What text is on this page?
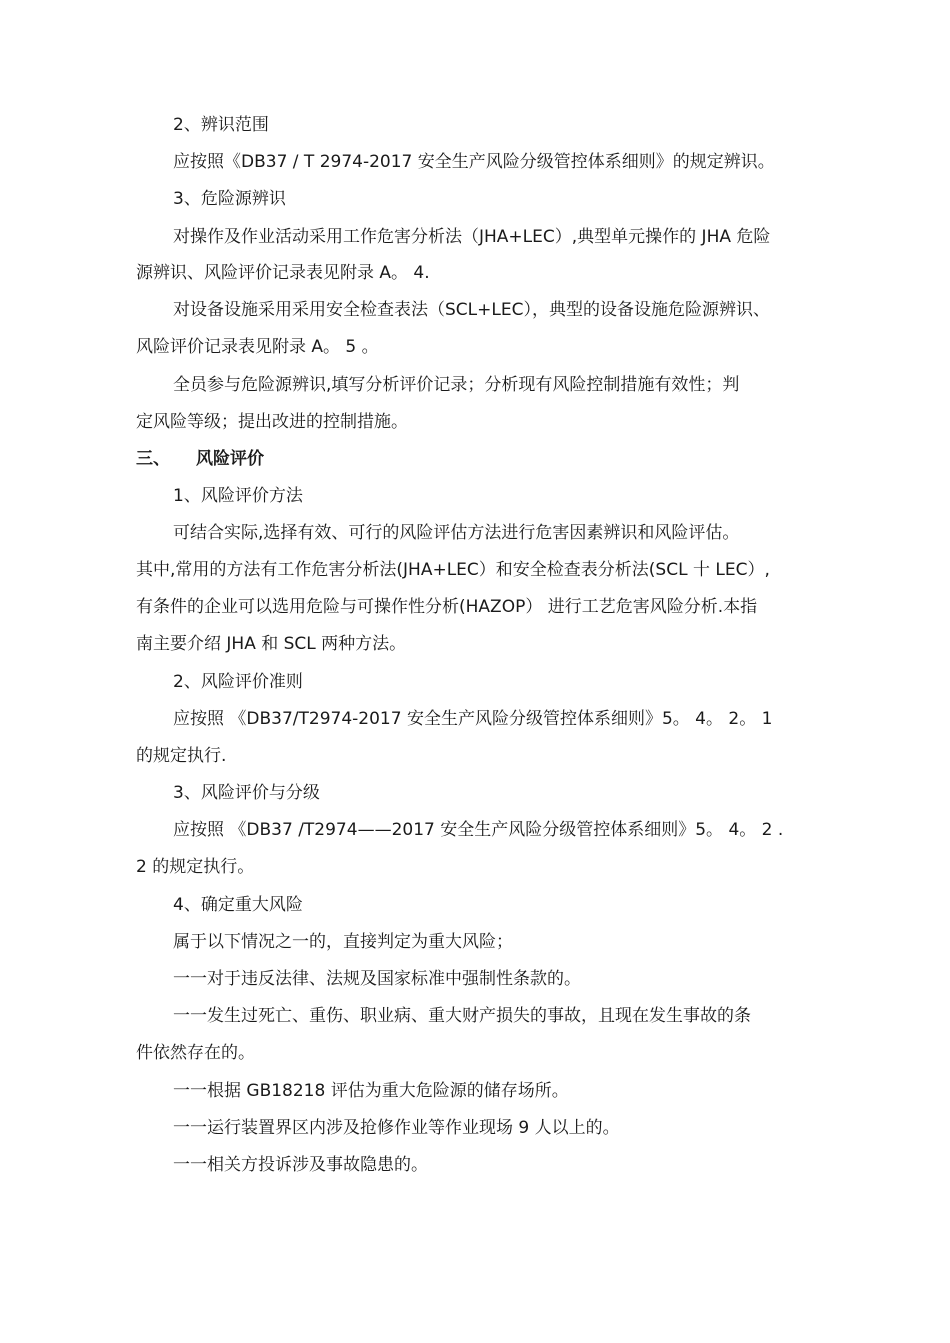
2、辨识范围
应按照《DB37 / T 2974-2017 安全生产风险分级管控体系细则》的规定辨识。
3、危险源辨识
对操作及作业活动采用工作危害分析法（JHA+LEC）,典型单元操作的 JHA 危险
源辨识、风险评价记录表见附录 A。 4.
对设备设施采用采用安全检查表法（SCL+LEC），典型的设备设施危险源辨识、
风险评价记录表见附录 A。 5 。
全员参与危险源辨识,填写分析评价记录；分析现有风险控制措施有效性；判
定风险等级；提出改进的控制措施。
三、 风险评价
1、风险评价方法
可结合实际,选择有效、可行的风险评估方法进行危害因素辨识和风险评估。
其中,常用的方法有工作危害分析法(JHA+LEC）和安全检查表分析法(SCL 十 LEC）,
有条件的企业可以选用危险与可操作性分析(HAZOP） 进行工艺危害风险分析.本指
南主要介绍 JHA 和 SCL 两种方法。
2、风险评价准则
应按照 《DB37/T2974-2017 安全生产风险分级管控体系细则》5。 4。 2。 1
的规定执行.
3、风险评价与分级
应按照 《DB37 /T2974——2017 安全生产风险分级管控体系细则》5。 4。 2 .
2 的规定执行。
4、确定重大风险
属于以下情况之一的，直接判定为重大风险；
一一对于违反法律、法规及国家标准中强制性条款的。
一一发生过死亡、重伤、职业病、重大财产损失的事故，且现在发生事故的条
件依然存在的。
一一根据 GB18218 评估为重大危险源的储存场所。
一一运行装置界区内涉及抢修作业等作业现场 9 人以上的。
一一相关方投诉涉及事故隐患的。
